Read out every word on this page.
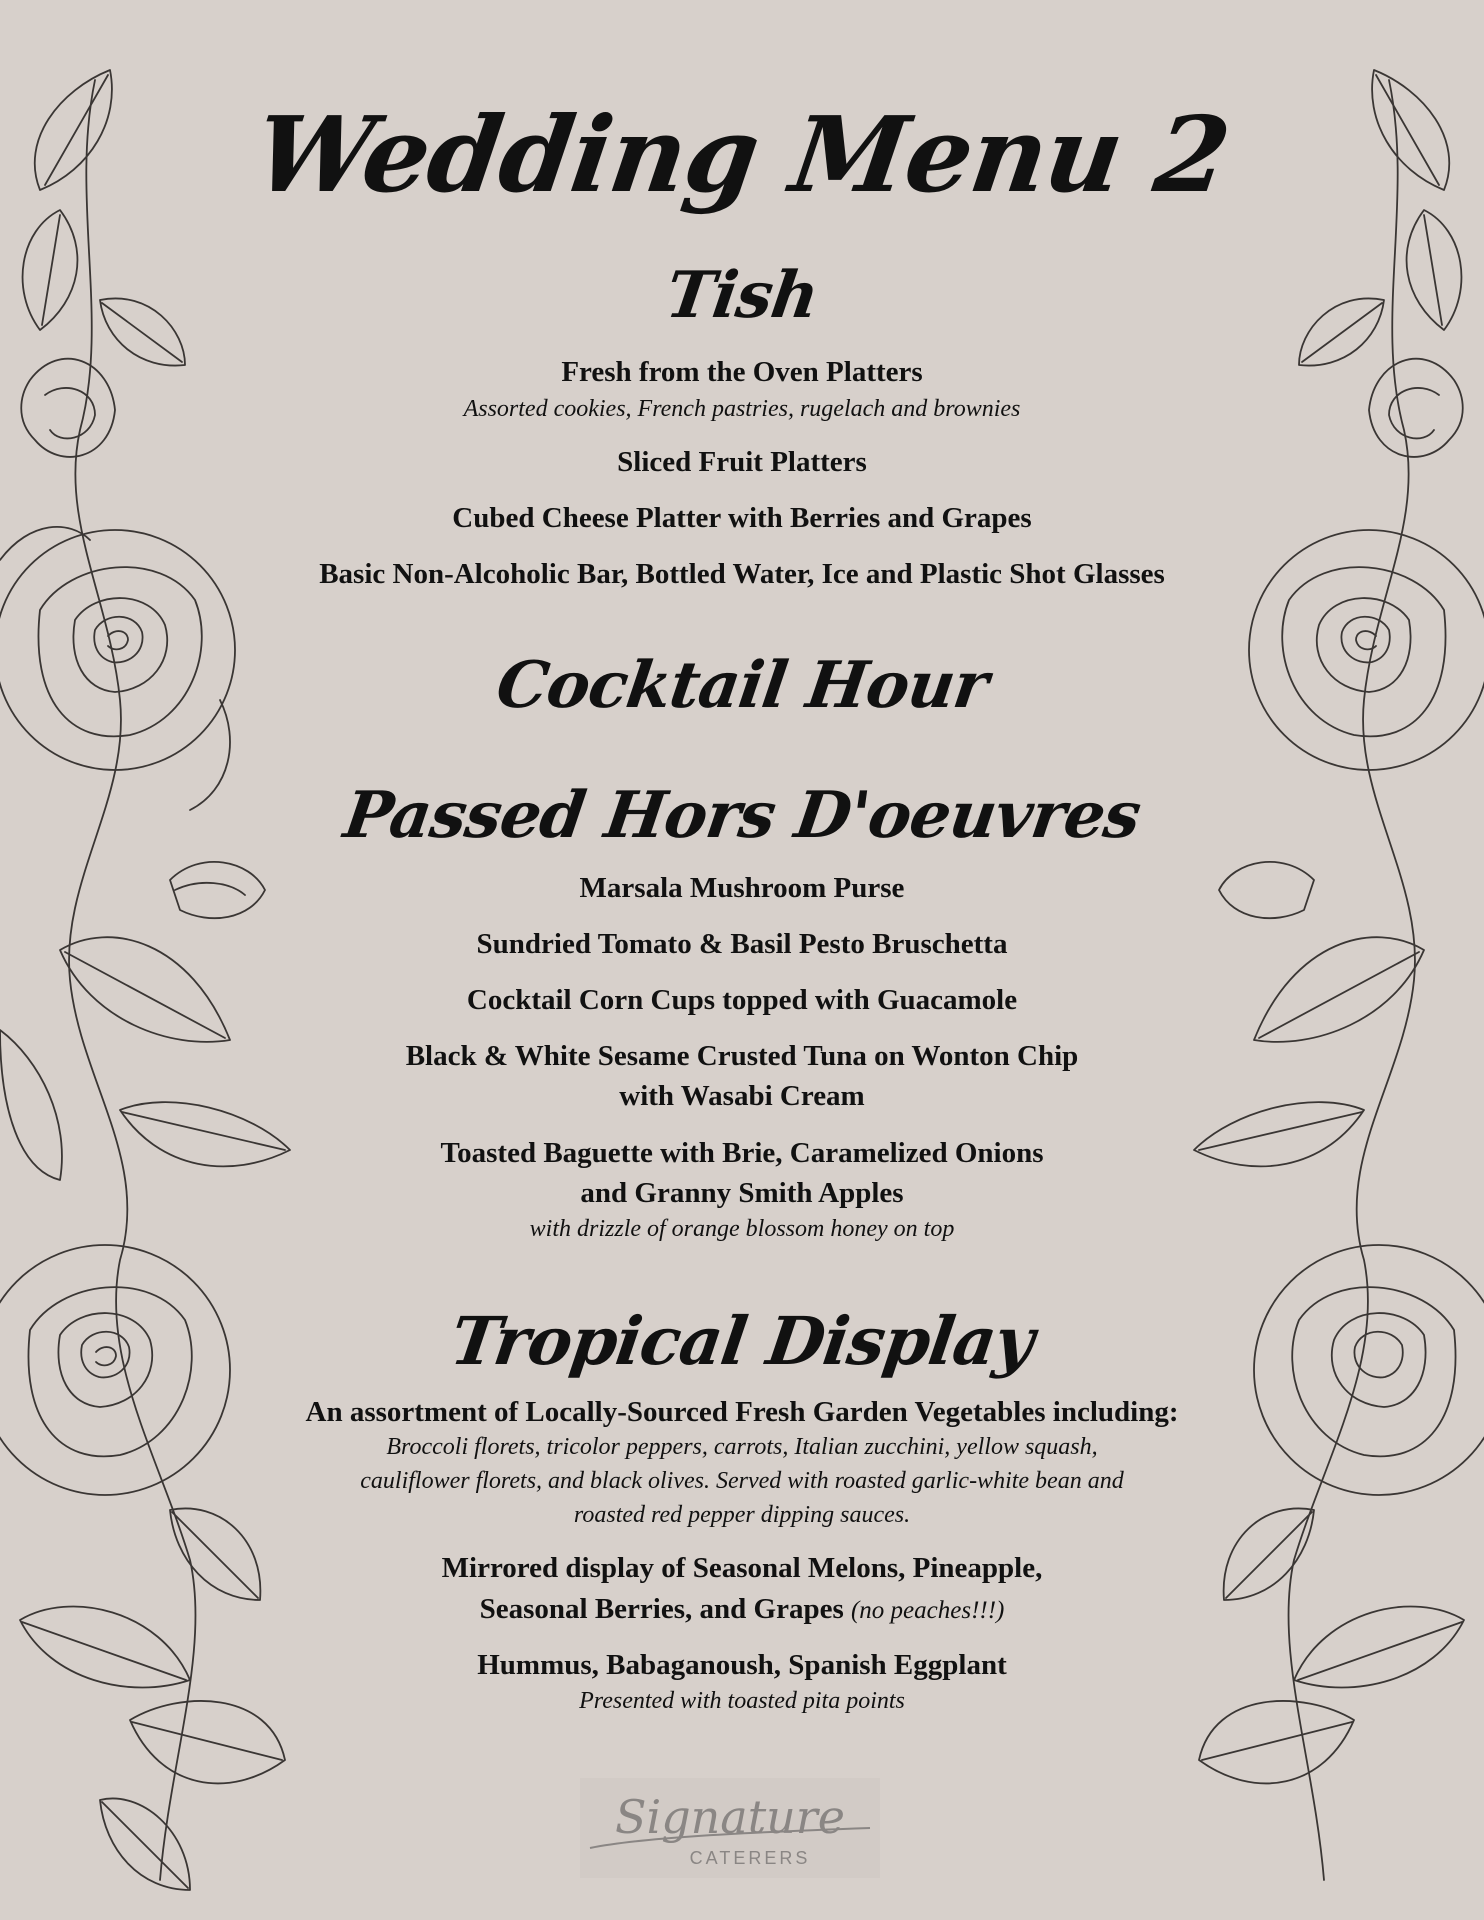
Wedding Menu 2
Tish
Fresh from the Oven Platters
Assorted cookies, French pastries, rugelach and brownies
Sliced Fruit Platters
Cubed Cheese Platter with Berries and Grapes
Basic Non-Alcoholic Bar, Bottled Water, Ice and Plastic Shot Glasses
Cocktail Hour
Passed Hors D'oeuvres
Marsala Mushroom Purse
Sundried Tomato & Basil Pesto Bruschetta
Cocktail Corn Cups topped with Guacamole
Black & White Sesame Crusted Tuna on Wonton Chip
with Wasabi Cream
Toasted Baguette with Brie, Caramelized Onions
and Granny Smith Apples
with drizzle of orange blossom honey on top
Tropical Display
An assortment of Locally-Sourced Fresh Garden Vegetables including:
Broccoli florets, tricolor peppers, carrots, Italian zucchini, yellow squash,
cauliflower florets, and black olives. Served with roasted garlic-white bean and
roasted red pepper dipping sauces.
Mirrored display of Seasonal Melons, Pineapple,
Seasonal Berries, and Grapes (no peaches!!!)
Hummus, Babaganoush, Spanish Eggplant
Presented with toasted pita points
Signature
CATERERS
